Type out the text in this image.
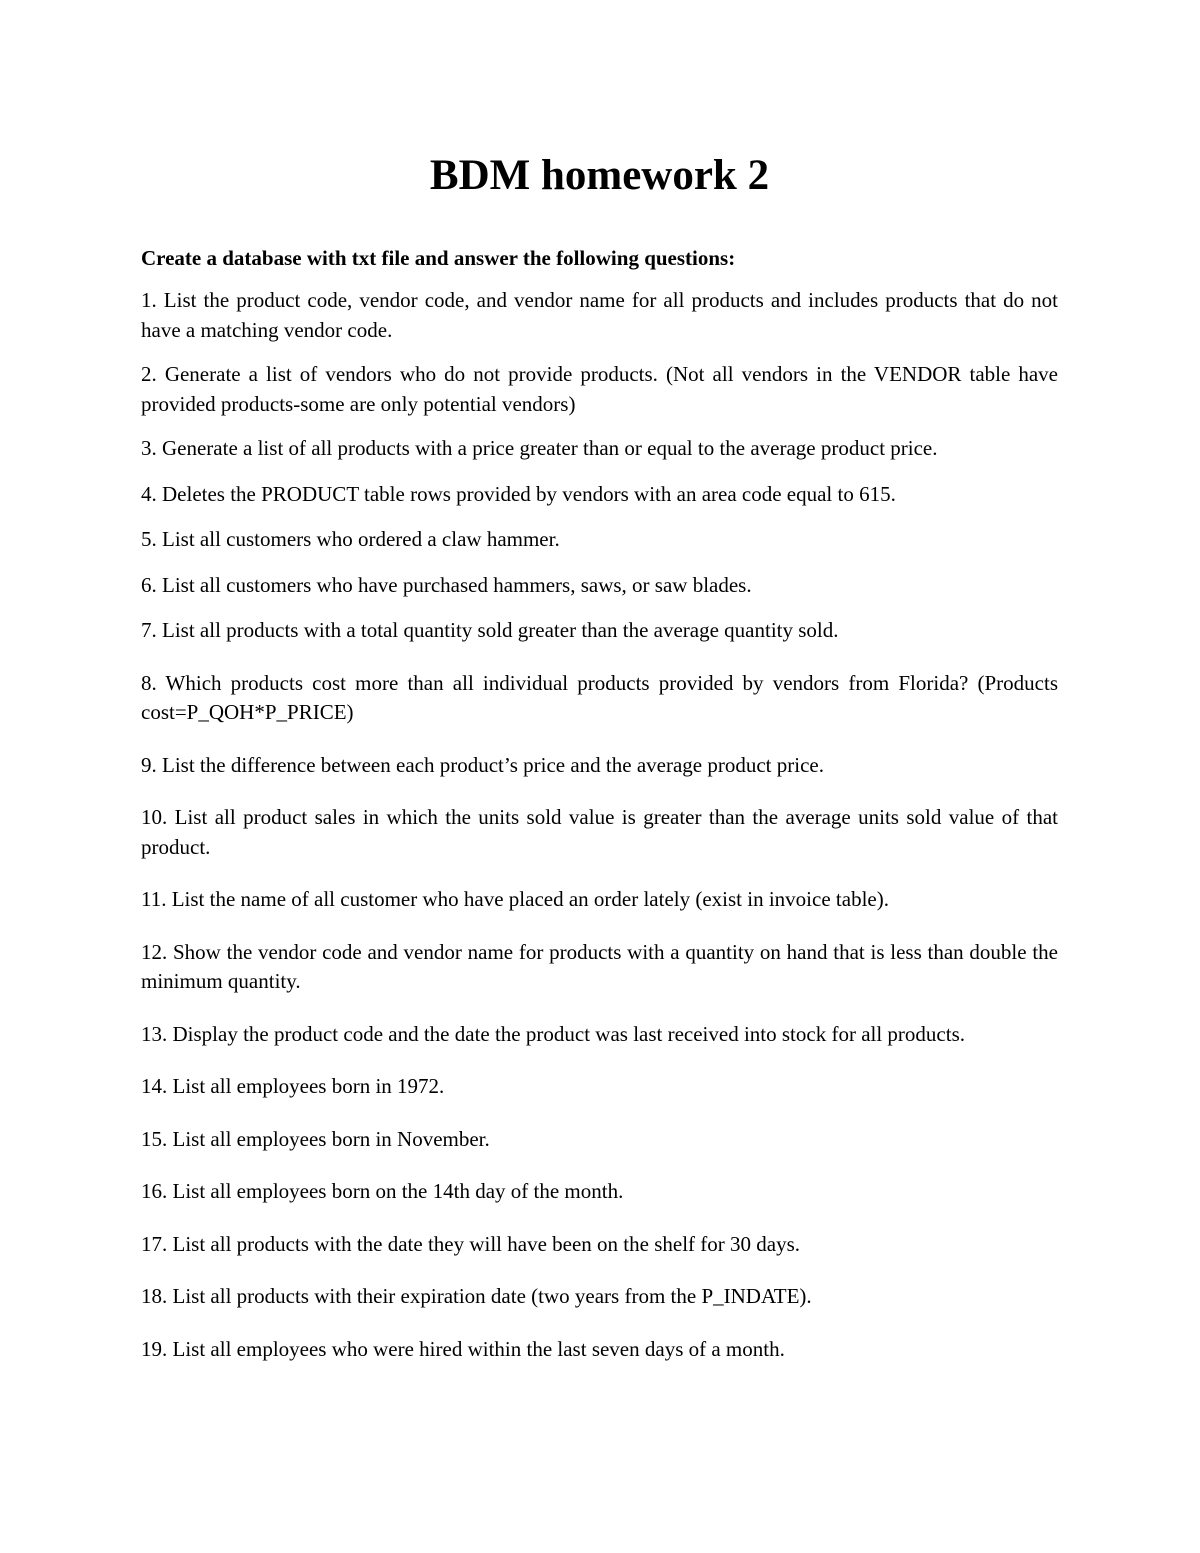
BDM homework 2

Create a database with txt file and answer the following questions:

1. List the product code, vendor code, and vendor name for all products and includes products that do not have a matching vendor code.

2. Generate a list of vendors who do not provide products. (Not all vendors in the VENDOR table have provided products-some are only potential vendors)

3. Generate a list of all products with a price greater than or equal to the average product price.

4. Deletes the PRODUCT table rows provided by vendors with an area code equal to 615.

5. List all customers who ordered a claw hammer.

6. List all customers who have purchased hammers, saws, or saw blades.

7. List all products with a total quantity sold greater than the average quantity sold.

8. Which products cost more than all individual products provided by vendors from Florida? (Products cost=P_QOH*P_PRICE)

9. List the difference between each product’s price and the average product price.

10. List all product sales in which the units sold value is greater than the average units sold value of that product.

11. List the name of all customer who have placed an order lately (exist in invoice table).

12. Show the vendor code and vendor name for products with a quantity on hand that is less than double the minimum quantity.

13. Display the product code and the date the product was last received into stock for all products.

14. List all employees born in 1972.

15. List all employees born in November.

16. List all employees born on the 14th day of the month.

17. List all products with the date they will have been on the shelf for 30 days.

18. List all products with their expiration date (two years from the P_INDATE).

19. List all employees who were hired within the last seven days of a month.
